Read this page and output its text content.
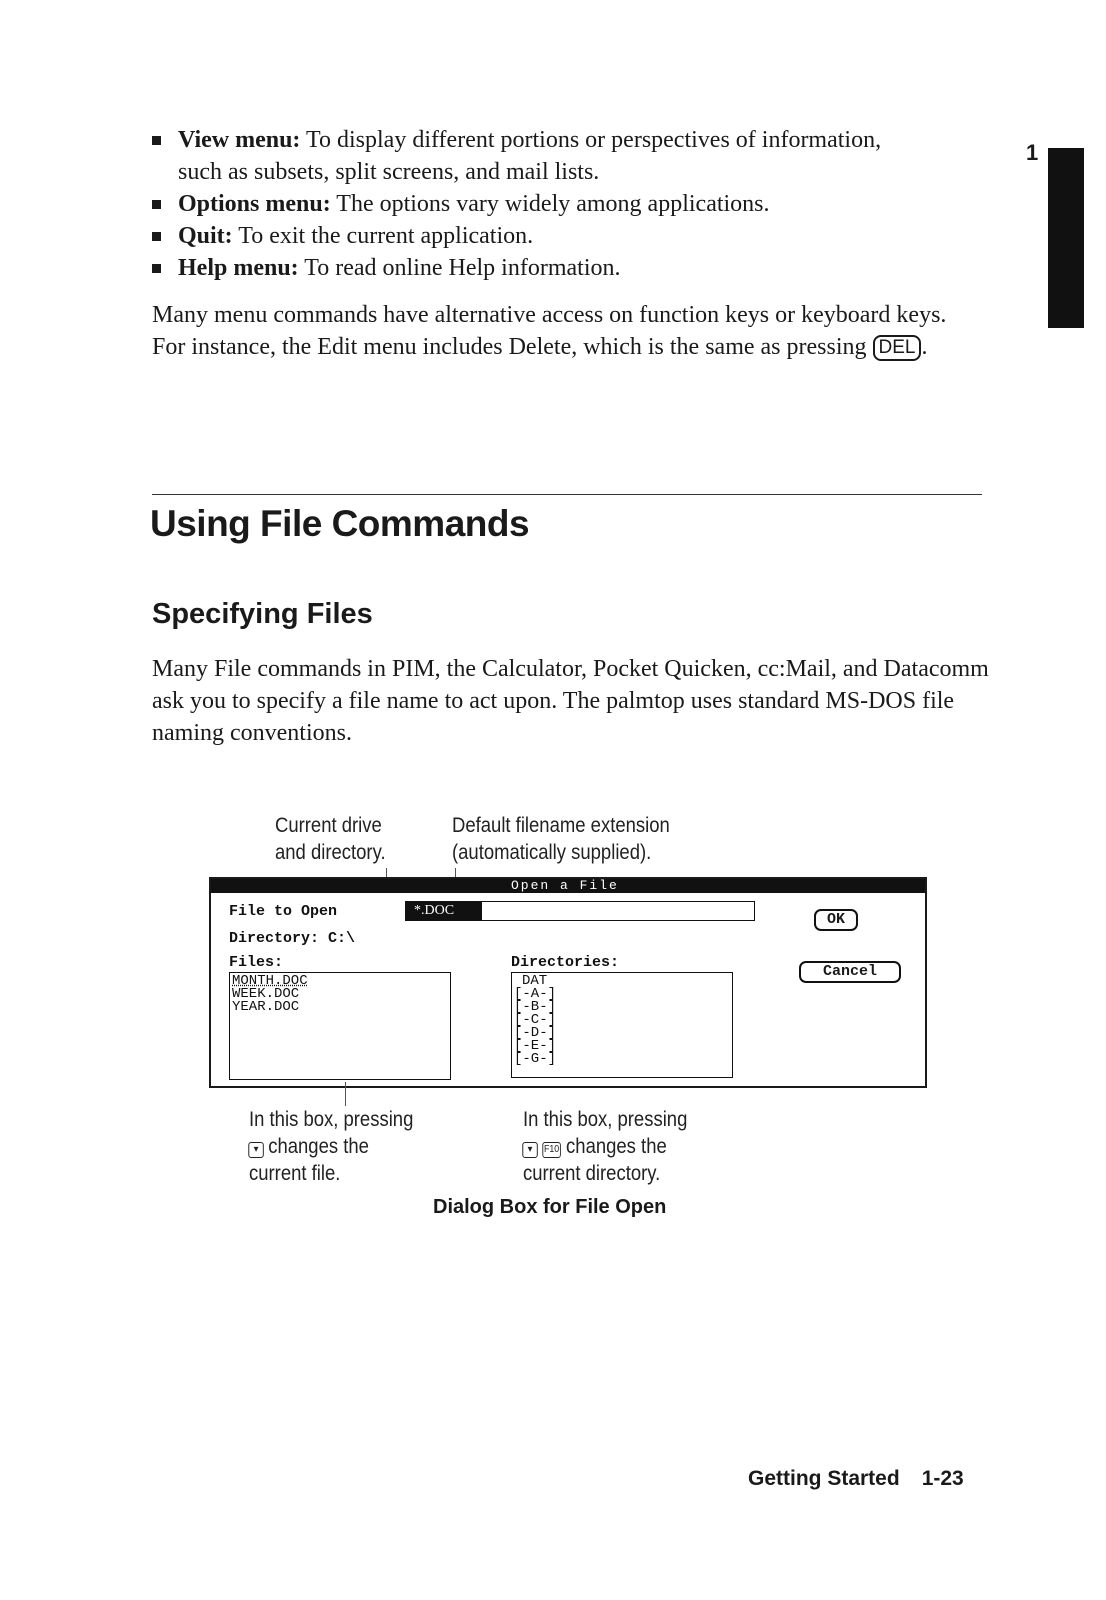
1

View menu: To display different portions or perspectives of information, such as subsets, split screens, and mail lists.

Options menu: The options vary widely among applications.

Quit: To exit the current application.

Help menu: To read online Help information.

Many menu commands have alternative access on function keys or keyboard keys. For instance, the Edit menu includes Delete, which is the same as pressing DEL .

Using File Commands
Specifying Files

Many File commands in PIM, the Calculator, Pocket Quicken, cc:Mail, and Datacomm ask you to specify a file name to act upon. The palmtop uses standard MS-DOS file naming conventions.

Current drive
and directory.
Default filename extension
(automatically supplied).
Open a File
File to Open	*.DOC
Directory: C:\
Files:
MONTH.DOC
WEEK.DOC
YEAR.DOC
Directories:
DAT
[-A-]
[-B-]
[-C-]
[-D-]
[-E-]
[-G-]
OK
Cancel
In this box, pressing
▾ changes the
current file.
In this box, pressing
▾ F10 changes the
current directory.
Dialog Box for File Open
Getting Started 1-23
